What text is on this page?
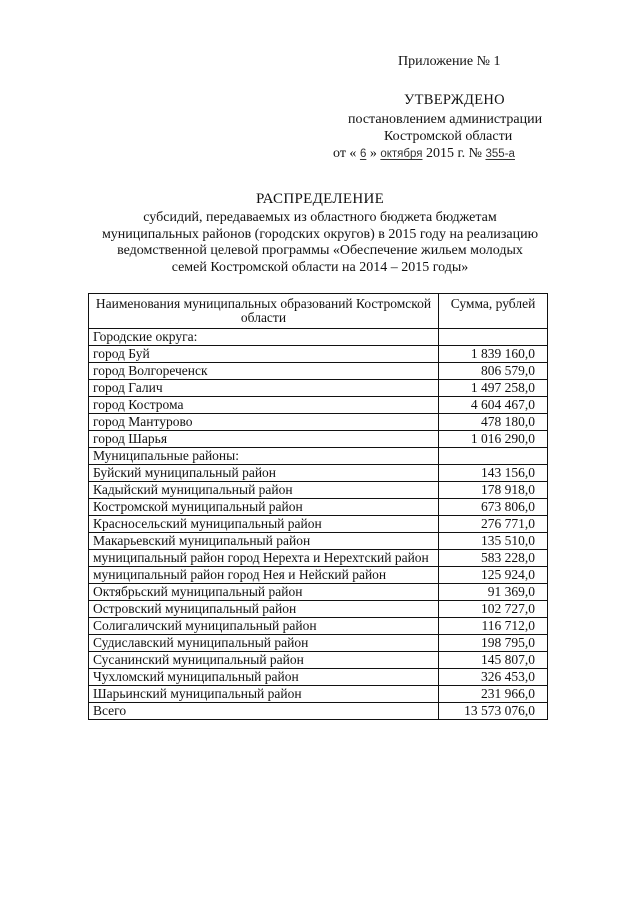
Приложение № 1
УТВЕРЖДЕНО
постановлением администрации
Костромской области
от « 6 » октября 2015 г. № 355-а
РАСПРЕДЕЛЕНИЕ
субсидий, передаваемых из областного бюджета бюджетам муниципальных районов (городских округов) в 2015 году на реализацию ведомственной целевой программы «Обеспечение жильем молодых семей Костромской области на 2014 – 2015 годы»
Наименования муниципальных образований Костромской области	Сумма, рублей
Городские округа:	
город Буй	1 839 160,0
город Волгореченск	806 579,0
город Галич	1 497 258,0
город Кострома	4 604 467,0
город Мантурово	478 180,0
город Шарья	1 016 290,0
Муниципальные районы:	
Буйский муниципальный район	143 156,0
Кадыйский муниципальный район	178 918,0
Костромской муниципальный район	673 806,0
Красносельский муниципальный район	276 771,0
Макарьевский муниципальный район	135 510,0
муниципальный район город Нерехта и Нерехтский район	583 228,0
муниципальный район город Нея и Нейский район	125 924,0
Октябрьский муниципальный район	91 369,0
Островский муниципальный район	102 727,0
Солигаличский муниципальный район	116 712,0
Судиславский муниципальный район	198 795,0
Сусанинский муниципальный район	145 807,0
Чухломский муниципальный район	326 453,0
Шарьинский муниципальный район	231 966,0
Всего	13 573 076,0
